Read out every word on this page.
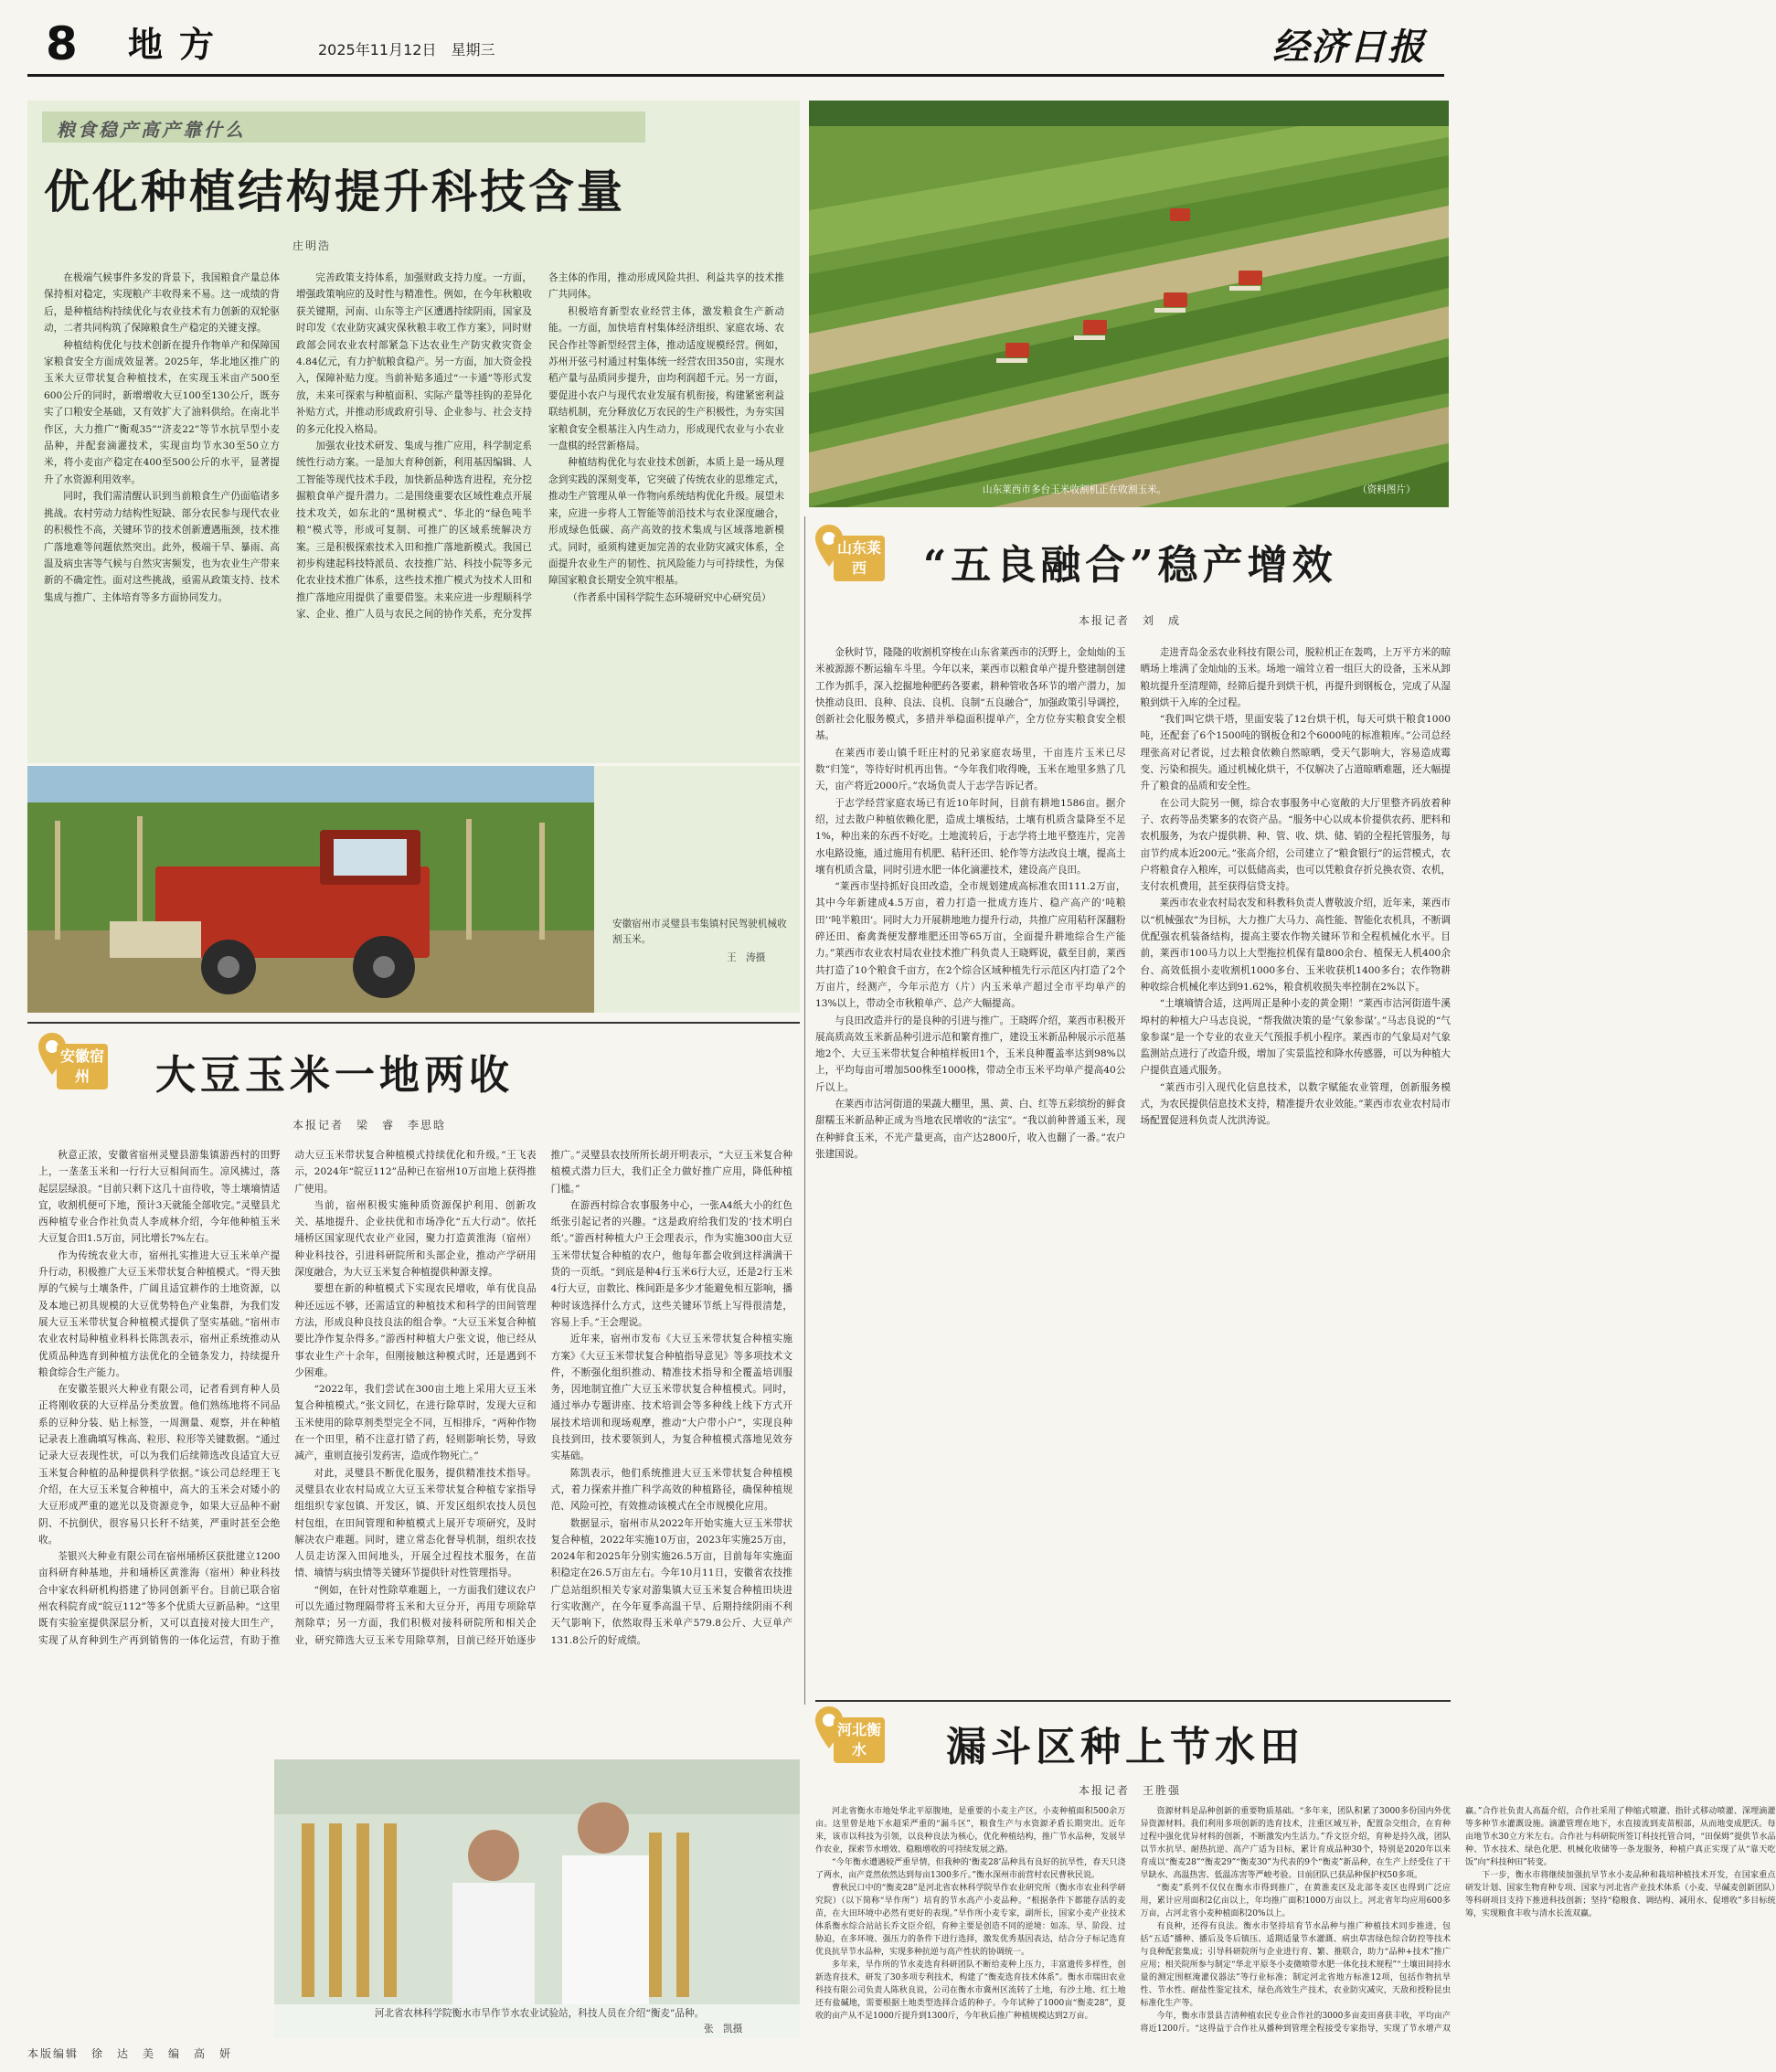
8 地方	2025年11月12日　星期三	经济日报
粮食稳产高产靠什么
优化种植结构提升科技含量
庄明浩

在极端气候事件多发的背景下，我国粮食产量总体保持相对稳定，实现粮产丰收得来不易。这一成绩的背后，是种植结构持续优化与农业技术有力创新的双轮驱动，二者共同构筑了保障粮食生产稳定的关键支撑。

种植结构优化与技术创新在提升作物单产和保障国家粮食安全方面成效显著。2025年，华北地区推广的玉米大豆带状复合种植技术，在实现玉米亩产500至600公斤的同时，新增增收大豆100至130公斤，既夯实了口粮安全基础，又有效扩大了油料供给。在南北半作区，大力推广“衡观35”“济麦22”等节水抗旱型小麦品种，并配套滴灌技术，实现亩均节水30至50立方米，将小麦亩产稳定在400至500公斤的水平，显著提升了水资源利用效率。

同时，我们需清醒认识到当前粮食生产仍面临诸多挑战。农村劳动力结构性短缺、部分农民参与现代农业的积极性不高，关键环节的技术创新遭遇瓶颈，技术推广落地难等问题依然突出。此外，极端干旱、暴雨、高温及病虫害等气候与自然灾害频发，也为农业生产带来新的不确定性。面对这些挑战，亟需从政策支持、技术集成与推广、主体培育等多方面协同发力。

完善政策支持体系，加强财政支持力度。一方面，增强政策响应的及时性与精准性。例如，在今年秋粮收获关键期，河南、山东等主产区遭遇持续阴雨，国家及时印发《农业防灾减灾保秋粮丰收工作方案》，同时财政部会同农业农村部紧急下达农业生产防灾救灾资金4.84亿元，有力护航粮食稳产。另一方面，加大资金投入，保障补贴力度。当前补贴多通过“一卡通”等形式发放，未来可探索与种植面积、实际产量等挂钩的差异化补贴方式，并推动形成政府引导、企业参与、社会支持的多元化投入格局。

加强农业技术研发、集成与推广应用，科学制定系统性行动方案。一是加大育种创新，利用基因编辑、人工智能等现代技术手段，加快新品种选育进程，充分挖掘粮食单产提升潜力。二是围绕重要农区域性难点开展技术攻关，如东北的“黑树模式”、华北的“绿色吨半粮”模式等，形成可复制、可推广的区域系统解决方案。三是积极探索技术入田和推广落地新模式。我国已初步构建起科技特派员、农技推广站、科技小院等多元化农业技术推广体系，这些技术推广模式为技术人田和推广落地应用提供了重要借鉴。未来应进一步理顺科学家、企业、推广人员与农民之间的协作关系，充分发挥各主体的作用，推动形成风险共担、利益共享的技术推广共同体。

积极培育新型农业经营主体，激发粮食生产新动能。一方面，加快培育村集体经济组织、家庭农场、农民合作社等新型经营主体，推动适度规模经营。例如，苏州开弦弓村通过村集体统一经营农田350亩，实现水稻产量与品质同步提升，亩均利润超千元。另一方面，要促进小农户与现代农业发展有机衔接，构建紧密利益联结机制，充分释放亿万农民的生产积极性，为夯实国家粮食安全根基注入内生动力，形成现代农业与小农业一盘棋的经营新格局。

种植结构优化与农业技术创新，本质上是一场从理念到实践的深刻变革，它突破了传统农业的思维定式，推动生产管理从单一作物向系统结构优化升级。展望未来，应进一步将人工智能等前沿技术与农业深度融合，形成绿色低碳、高产高效的技术集成与区域落地新模式。同时，亟须构建更加完善的农业防灾减灾体系，全面提升农业生产的韧性、抗风险能力与可持续性，为保障国家粮食长期安全筑牢根基。

（作者系中国科学院生态环境研究中心研究员）

山东莱西市多台玉米收割机正在收割玉米。	（资料图片）
安徽宿州市灵璧县韦集镇村民驾驶机械收割玉米。
王　涛摄
山东莱西	“五良融合”稳产增效
本报记者　刘　成

金秋时节，隆隆的收割机穿梭在山东省莱西市的沃野上，金灿灿的玉米被源源不断运输车斗里。今年以来，莱西市以粮食单产提升整建制创建工作为抓手，深入挖掘地种肥药各要素，耕种管收各环节的增产潜力，加快推动良田、良种、良法、良机、良制“五良融合”，加强政策引导调控，创新社会化服务模式，多措并举稳面积提单产，全方位夯实粮食安全根基。

在莱西市姜山镇千旺庄村的兄弟家庭农场里，干亩连片玉米已尽数“归笼”，等待好时机再出售。“今年我们收得晚，玉米在地里多熟了几天，亩产将近2000斤。”农场负责人于志学告诉记者。

于志学经营家庭农场已有近10年时间，目前有耕地1586亩。据介绍，过去散户种植依赖化肥，造成土壤板结，土壤有机质含量降至不足1%，种出来的东西不好吃。土地流转后，于志学将土地平整连片，完善水电路设施，通过施用有机肥、秸秆还田、轮作等方法改良土壤，提高土壤有机质含量，同时引进水肥一体化滴灌技术，建设高产良田。

“莱西市坚持抓好良田改造，全市规划建成高标准农田111.2万亩，其中今年新建成4.5万亩，着力打造一批成方连片、稳产高产的‘吨粮田’‘吨半粮田’。同时大力开展耕地地力提升行动，共推广应用秸秆深翻粉碎还田、畜禽粪便发酵堆肥还田等65万亩，全面提升耕地综合生产能力。”莱西市农业农村局农业技术推广科负责人王晓辉说，截至目前，莱西共打造了10个粮食千亩方，在2个综合区域种植先行示范区内打造了2个万亩片，经测产，今年示范方（片）内玉米单产超过全市平均单产的13%以上，带动全市秋粮单产、总产大幅提高。

与良田改造并行的是良种的引进与推广。王晓晖介绍，莱西市积极开展高质高效玉米新品种引进示范和繁育推广，建设玉米新品种展示示范基地2个、大豆玉米带状复合种植样板田1个，玉米良种覆盖率达到98%以上，平均每亩可增加500株至1000株，带动全市玉米平均单产提高40公斤以上。

在莱西市沽河街道的果蔬大棚里，黑、黄、白、红等五彩缤纷的鲜食甜糯玉米新品种正成为当地农民增收的“法宝”。“我以前种普通玉米，现在种鲜食玉米，不光产量更高，亩产达2800斤，收入也翻了一番。”农户张建国说。

走进青岛金丞农业科技有限公司，脱粒机正在轰鸣，上万平方米的晾晒场上堆满了金灿灿的玉米。场地一端耸立着一组巨大的设备，玉米从卸粮坑提升至清理筛，经筛后提升到烘干机，再提升到钢板仓，完成了从湿粮到烘干入库的全过程。

“我们叫它烘干塔，里面安装了12台烘干机，每天可烘干粮食1000吨，还配套了6个1500吨的钢板仓和2个6000吨的标准粮库。”公司总经理张高对记者说，过去粮食依赖自然晾晒，受天气影响大，容易造成霉变、污染和损失。通过机械化烘干，不仅解决了占道晾晒难题，还大幅提升了粮食的品质和安全性。

在公司大院另一侧，综合农事服务中心宽敞的大厅里整齐码放着种子、农药等品类繁多的农资产品。“服务中心以成本价提供农药、肥料和农机服务，为农户提供耕、种、管、收、烘、储、销的全程托管服务，每亩节约成本近200元。”张高介绍，公司建立了“粮食银行”的运营模式，农户将粮食存入粮库，可以低储高卖，也可以凭粮食存折兑换农资、农机，支付农机费用，甚至获得信贷支持。

莱西市农业农村局农发和科教科负责人曹敬波介绍，近年来，莱西市以“机械强农”为目标，大力推广大马力、高性能、智能化农机具，不断调优配强农机装备结构，提高主要农作物关键环节和全程机械化水平。目前，莱西市100马力以上大型拖拉机保有量800余台、植保无人机400余台、高效低损小麦收割机1000多台、玉米收获机1400多台；农作物耕种收综合机械化率达到91.62%，粮食机收损失率控制在2%以下。

“土壤墒情合适，这两周正是种小麦的黄金期！”莱西市沽河街道牛溪埠村的种植大户马志良说，“帮我做决策的是‘气象参谋’。”马志良说的“气象参谋”是一个专业的农业天气预报手机小程序。莱西市的气象局对气象监测站点进行了改造升级，增加了实景监控和降水传感器，可以为种植大户提供直通式服务。

“莱西市引入现代化信息技术，以数字赋能农业管理，创新服务模式，为农民提供信息技术支持，精准提升农业效能。”莱西市农业农村局市场配置促进科负责人沈洪涛说。

安徽宿州	大豆玉米一地两收
本报记者　梁　睿　李思晗

秋意正浓，安徽省宿州灵璧县游集镇游西村的田野上，一垄垄玉米和一行行大豆相间而生。凉风拂过，落起层层绿浪。“目前只剩下这几十亩待收，等土壤墒情适宜，收割机便可下地，预计3天就能全部收完。”灵璧县尤西种植专业合作社负责人李成林介绍，今年他种植玉米大豆复合田1.5万亩，同比增长7%左右。

作为传统农业大市，宿州扎实推进大豆玉米单产提升行动，积极推广大豆玉米带状复合种植模式。“得天独厚的气候与土壤条件，广阔且适宜耕作的土地资源，以及本地已初具规模的大豆优势特色产业集群，为我们发展大豆玉米带状复合种植模式提供了坚实基础。”宿州市农业农村局种植业科科长陈凯表示，宿州正系统推动从优质品种选育到种植方法优化的全链条发力，持续提升粮食综合生产能力。

在安徽荃银兴大种业有限公司，记者看到育种人员正将刚收获的大豆样品分类放置。他们熟练地将不同品系的豆种分装、贴上标签，一周测量、观察，并在种植记录表上准确填写株高、粒形、粒形等关键数据。“通过记录大豆表现性状，可以为我们后续筛选改良适宜大豆玉米复合种植的品种提供科学依据。”该公司总经理王飞介绍，在大豆玉米复合种植中，高大的玉米会对矮小的大豆形成严重的遮光以及资源竞争，如果大豆品种不耐阴、不抗倒伏，很容易只长秆不结荚，严重时甚至会绝收。

荃银兴大种业有限公司在宿州埇桥区获批建立1200亩科研育种基地，并和埇桥区黄淮海（宿州）种业科技合中家农科研机构搭建了协同创新平台。目前已联合宿州农科院育成“皖豆112”等多个优质大豆新品种。“这里既有实验室提供深层分析，又可以直接对接大田生产，实现了从育种到生产再到销售的一体化运营，有助于推动大豆玉米带状复合种植模式持续优化和升级。”王飞表示，2024年“皖豆112”品种已在宿州10万亩地上获得推广使用。

当前，宿州积极实施种质资源保护利用、创新攻关、基地提升、企业扶优和市场净化“五大行动”。依托埇桥区国家现代农业产业园，聚力打造黄淮海（宿州）种业科技谷，引进科研院所和头部企业，推动产学研用深度融合，为大豆玉米复合种植提供种源支撑。

要想在新的种植模式下实现农民增收，单有优良品种还远远不够，还需适宜的种植技术和科学的田间管理方法，形成良种良技良法的组合拳。“大豆玉米复合种植要比净作复杂得多。”游西村种植大户张文说，他已经从事农业生产十余年，但刚接触这种模式时，还是遇到不少困难。

“2022年，我们尝试在300亩土地上采用大豆玉米复合种植模式。”张文回忆，在进行除草时，发现大豆和玉米使用的除草剂类型完全不同，互相排斥，“两种作物在一个田里，稍不注意打错了药，轻则影响长势，导致减产，重则直接引发药害，造成作物死亡。”

对此，灵璧县不断优化服务，提供精准技术指导。灵璧县农业农村局成立大豆玉米带状复合种植专家指导组组织专家包镇、开发区，镇、开发区组织农技人员包村包组，在田间管理和种植模式上展开专项研究，及时解决农户难题。同时，建立常态化督导机制，组织农技人员走访深入田间地头，开展全过程技术服务，在苗情、墒情与病虫情等关键环节提供针对性管理指导。

“例如，在针对性除草难题上，一方面我们建议农户可以先通过物理隔带将玉米和大豆分开，再用专项除草剂除草；另一方面，我们积极对接科研院所和相关企业，研究筛选大豆玉米专用除草剂，目前已经开始逐步推广。”灵璧县农技所所长胡开明表示，“大豆玉米复合种植模式潜力巨大，我们正全力做好推广应用，降低种植门槛。”

在游西村综合农事服务中心，一张A4纸大小的红色纸张引起记者的兴趣。“这是政府给我们发的‘技术明白纸’。”游西村种植大户王会理表示，作为实施300亩大豆玉米带状复合种植的农户，他每年都会收到这样满满干货的一页纸。“到底是种4行玉米6行大豆，还是2行玉米4行大豆，亩数比、株间距是多少才能避免相互影响，播种时该选择什么方式，这些关键环节纸上写得很清楚，容易上手。”王会理说。

近年来，宿州市发布《大豆玉米带状复合种植实施方案》《大豆玉米带状复合种植指导意见》等多项技术文件，不断强化组织推动、精准技术指导和全覆盖培训服务，因地制宜推广大豆玉米带状复合种植模式。同时，通过举办专题讲座、技术培训会等多种线上线下方式开展技术培训和现场观摩，推动“大户带小户”，实现良种良技到田，技术要领到人，为复合种植模式落地见效夯实基础。

陈凯表示，他们系统推进大豆玉米带状复合种植模式，着力探索并推广科学高效的种植路径，确保种植规范、风险可控，有效推动该模式在全市规模化应用。

数据显示，宿州市从2022年开始实施大豆玉米带状复合种植，2022年实施10万亩，2023年实施25万亩，2024年和2025年分别实施26.5万亩，目前每年实施面积稳定在26.5万亩左右。今年10月11日，安徽省农技推广总站组织相关专家对游集镇大豆玉米复合种植田块进行实收测产，在今年夏季高温干旱、后期持续阴雨不利天气影响下，依然取得玉米单产579.8公斤、大豆单产131.8公斤的好成绩。

河北省农林科学院衡水市旱作节水农业试验站，科技人员在介绍“衡麦”品种。
张　凯摄
河北衡水	漏斗区种上节水田
本报记者　王胜强

河北省衡水市地处华北平原腹地，是重要的小麦主产区，小麦种植面积500余万亩。这里曾是地下水超采严重的“漏斗区”，粮食生产与水资源矛盾长期突出。近年来，该市以科技为引领，以良种良法为核心，优化种植结构，推广节水品种，发展旱作农业，探索节水增效、稳粮增收的可持续发展之路。

“今年衡水遭遇较严重旱情，但我种的‘衡麦28’品种具有良好的抗旱性，春天只浇了两水，亩产竟然依然达到每亩1300多斤。”衡水深州市前营村农民曹秋民说。

曹秋民口中的“衡麦28”是河北省农林科学院旱作农业研究所（衡水市农业科学研究院）（以下简称“旱作所”）培育的节水高产小麦品种。“根据条件下都能存活的麦苗，在大田环境中必然有更好的表现。”旱作所小麦专家，副所长，国家小麦产业技术体系衡水综合站站长乔文臣介绍，育种主要是创造不同的逆境：如冻、旱、阶段、过胁迫，在多环境、强压力的条件下进行选择，激发优秀基因表达，结合分子标记选育优良抗旱节水品种，实现多种抗逆与高产性状的协调统一。

多年来，旱作所的节水麦选育科研团队不断给麦种上压力，丰富遗传多样性，创新选育技术，研发了30多项专利技术，构建了“衡麦选育技术体系”。衡水市瑞田农业科技有限公司负责人陈秋良说，公司在衡水市冀州区流转了土地，有沙土地、红土地还有盐碱地，需要根据土地类型选择合适的种子。今年试种了1000亩“衡麦28”，夏收的亩产从不足1000斤提升到1300斤，今年秋后推广种植规模达到2万亩。

资源材料是品种创新的重要物质基础。“多年来，团队积累了3000多份国内外优异资源材料。我们利用多项创新的选育技术，注重区域互补，配置杂交组合，在育种过程中强化优异材料的创新，不断激发内生活力。”乔文臣介绍，育种是持久战，团队以节水抗旱、耐热抗逆、高产广适为目标，累计育成品种30个，特别是2020年以来育成以“衡麦28”“衡麦29”“衡麦30”为代表的9个“衡麦”新品种，在生产上经受住了干旱缺水、高温热害、低温冻害等严峻考验。目前团队已获品种保护权50多项。

“衡麦”系列不仅仅在衡水市得到推广，在黄淮麦区及北部冬麦区也得到广泛应用，累计应用面积2亿亩以上，年均推广面积1000万亩以上。河北省年均应用600多万亩，占河北省小麦种植面积20%以上。

有良种，还得有良法。衡水市坚持培育节水品种与推广种植技术同步推进，包括“五适”播种、播后及冬后镇压、适期适量节水灌溉、病虫草害绿色综合防控等技术与良种配套集成；引导科研院所与企业进行育、繁、推联合，助力“品种+技术”推广应用；相关院所参与制定“华北平原冬小麦微喷带水肥一体化技术规程”“土壤田间持水量的测定围框淹灌仪器法”等行业标准；制定河北省地方标准12项，包括作物抗旱性、节水性、耐盐性鉴定技术，绿色高效生产技术，农业防灾减灾，天敌和授粉昆虫标准化生产等。

今年，衡水市景县吉清种植农民专业合作社的3000多亩麦田喜获丰收，平均亩产将近1200斤。“这得益于合作社从播种到管理全程接受专家指导，实现了节水增产双赢。”合作社负责人高磊介绍，合作社采用了伸缩式喷灌、指针式移动喷灌、深埋滴灌等多种节水灌溉设施。滴灌管理在地下，水直接流到麦苗根部，从而地变成肥沃。每亩地节水30立方米左右。合作社与科研院所签订科技托管合同，“田保姆”提供节水品种、节水技术、绿色化肥、机械化收储等一条龙服务，种植户真正实现了从“靠天吃饭”向“科技种田”转变。

下一步，衡水市将继续加强抗旱节水小麦品种和栽培种植技术开发，在国家重点研发计划、国家生物育种专项、国家与河北省产业技术体系（小麦、旱碱麦创新团队）等科研项目支持下推进科技创新；坚持“稳粮食、调结构、减用水、促增收”多目标统筹，实现粮食丰收与清水长流双赢。

本版编辑　徐　达　美　编　高　妍
